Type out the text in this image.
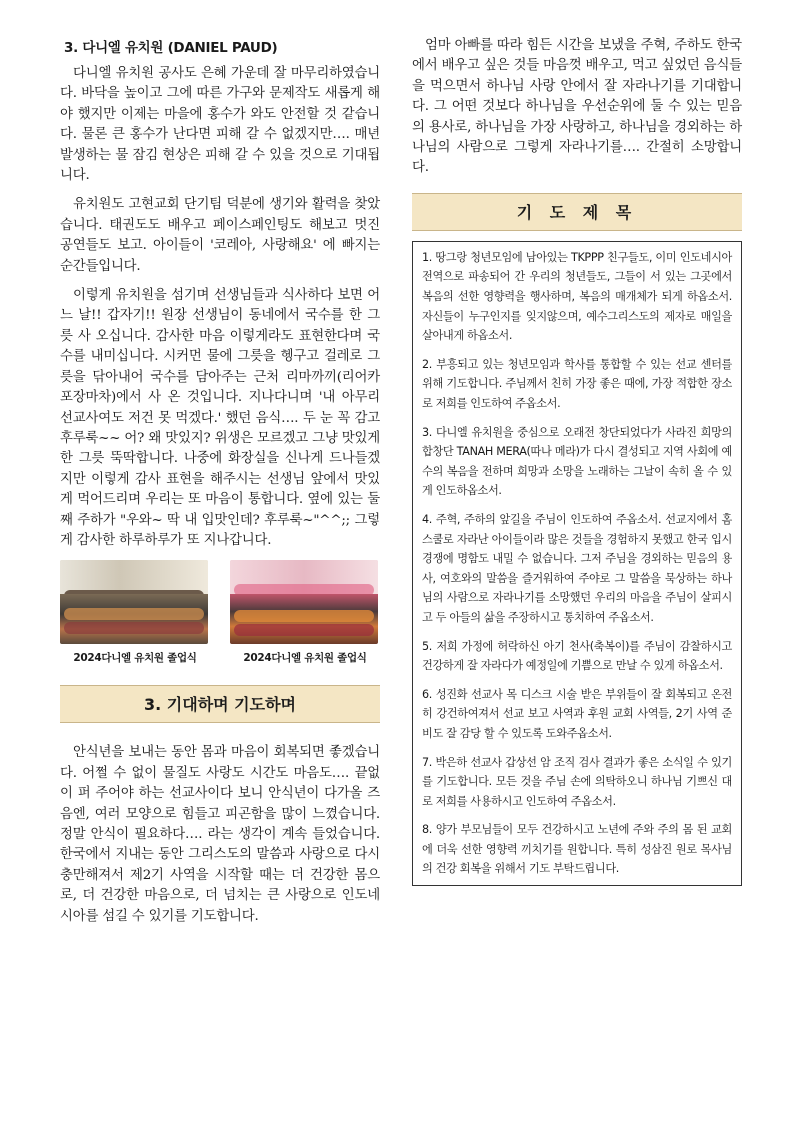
3. 다니엘 유치원 (DANIEL PAUD)

다니엘 유치원 공사도 은혜 가운데 잘 마무리하였습니다. 바닥을 높이고 그에 따른 가구와 문제작도 새롭게 해야 했지만 이제는 마을에 홍수가 와도 안전할 것 같습니다. 물론 큰 홍수가 난다면 피해 갈 수 없겠지만…. 매년 발생하는 물 잠김 현상은 피해 갈 수 있을 것으로 기대됩니다.

유치원도 고현교회 단기팀 덕분에 생기와 활력을 찾았습니다. 태권도도 배우고 페이스페인팅도 해보고 멋진 공연들도 보고. 아이들이 '코레아, 사랑해요' 에 빠지는 순간들입니다.

이렇게 유치원을 섬기며 선생님들과 식사하다 보면 어느 날!! 갑자기!! 원장 선생님이 동네에서 국수를 한 그릇 사 오십니다. 감사한 마음 이렇게라도 표현한다며 국수를 내미십니다. 시커먼 물에 그릇을 헹구고 걸레로 그릇을 닦아내어 국수를 담아주는 근처 리마까끼(리어카 포장마차)에서 사 온 것입니다. 지나다니며 '내 아무리 선교사여도 저건 못 먹겠다.' 했던 음식…. 두 눈 꼭 감고 후루룩~~ 어? 왜 맛있지? 위생은 모르겠고 그냥 맛있게 한 그릇 뚝딱합니다. 나중에 화장실을 신나게 드나들겠지만 이렇게 감사 표현을 해주시는 선생님 앞에서 맛있게 먹어드리며 우리는 또 마음이 통합니다. 옆에 있는 둘째 주하가 "우와~ 딱 내 입맛인데? 후루룩~"^^;; 그렇게 감사한 하루하루가 또 지나갑니다.

2024다니엘 유치원 졸업식	2024다니엘 유치원 졸업식
3. 기대하며 기도하며

안식년을 보내는 동안 몸과 마음이 회복되면 좋겠습니다. 어쩔 수 없이 물질도 사랑도 시간도 마음도…. 끝없이 퍼 주어야 하는 선교사이다 보니 안식년이 다가올 즈음엔, 여러 모양으로 힘들고 피곤함을 많이 느꼈습니다. 정말 안식이 필요하다…. 라는 생각이 계속 들었습니다. 한국에서 지내는 동안 그리스도의 말씀과 사랑으로 다시 충만해져서 제2기 사역을 시작할 때는 더 건강한 몸으로, 더 건강한 마음으로, 더 넘치는 큰 사랑으로 인도네시아를 섬길 수 있기를 기도합니다.

엄마 아빠를 따라 힘든 시간을 보냈을 주혁, 주하도 한국에서 배우고 싶은 것들 마음껏 배우고, 먹고 싶었던 음식들을 먹으면서 하나님 사랑 안에서 잘 자라나기를 기대합니다. 그 어떤 것보다 하나님을 우선순위에 둘 수 있는 믿음의 용사로, 하나님을 가장 사랑하고, 하나님을 경외하는 하나님의 사람으로 그렇게 자라나기를…. 간절히 소망합니다.

기 도 제 목

1. 땅그랑 청년모임에 남아있는 TKPPP 친구들도, 이미 인도네시아 전역으로 파송되어 간 우리의 청년들도, 그들이 서 있는 그곳에서 복음의 선한 영향력을 행사하며, 복음의 매개체가 되게 하옵소서. 자신들이 누구인지를 잊지않으며, 예수그리스도의 제자로 매일을 살아내게 하옵소서.

2. 부흥되고 있는 청년모임과 학사를 통합할 수 있는 선교 센터를 위해 기도합니다. 주님께서 친히 가장 좋은 때에, 가장 적합한 장소로 저희를 인도하여 주옵소서.

3. 다니엘 유치원을 중심으로 오래전 창단되었다가 사라진 희망의 합창단 TANAH MERA(따나 메라)가 다시 결성되고 지역 사회에 예수의 복음을 전하며 희망과 소망을 노래하는 그날이 속히 올 수 있게 인도하옵소서.

4. 주혁, 주하의 앞길을 주님이 인도하여 주옵소서. 선교지에서 홈스쿨로 자라난 아이들이라 많은 것들을 경험하지 못했고 한국 입시 경쟁에 명함도 내밀 수 없습니다. 그저 주님을 경외하는 믿음의 용사, 여호와의 말씀을 즐거워하여 주야로 그 말씀을 묵상하는 하나님의 사람으로 자라나기를 소망했던 우리의 마음을 주님이 살피시고 두 아들의 삶을 주장하시고 통치하여 주옵소서.

5. 저희 가정에 허락하신 아기 천사(축복이)를 주님이 감찰하시고 건강하게 잘 자라다가 예정일에 기쁨으로 만날 수 있게 하옵소서.

6. 성진화 선교사 목 디스크 시술 받은 부위들이 잘 회복되고 온전히 강건하여져서 선교 보고 사역과 후원 교회 사역들, 2기 사역 준비도 잘 감당 할 수 있도록 도와주옵소서.

7. 박은하 선교사 갑상선 암 조직 검사 결과가 좋은 소식일 수 있기를 기도합니다. 모든 것을 주님 손에 의탁하오니 하나님 기쁘신 대로 저희를 사용하시고 인도하여 주옵소서.

8. 양가 부모님들이 모두 건강하시고 노년에 주와 주의 몸 된 교회에 더욱 선한 영향력 끼치기를 원합니다. 특히 성삼진 원로 목사님의 건강 회복을 위해서 기도 부탁드립니다.
